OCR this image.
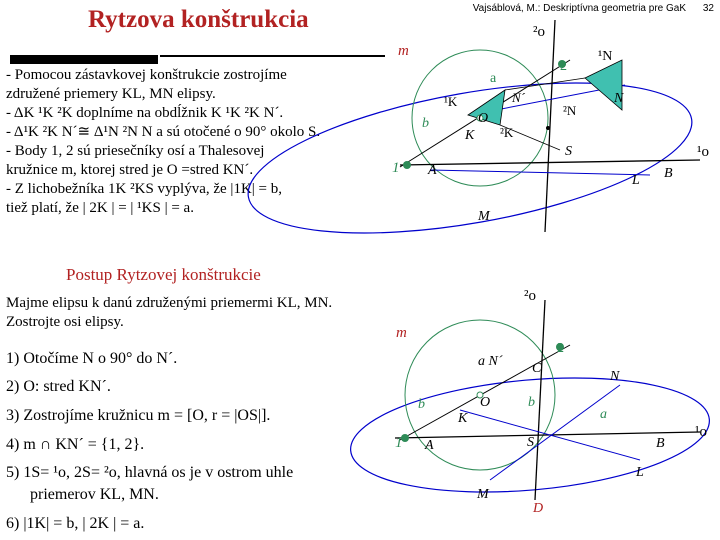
Rytzova konštrukcia	Vajsáblová, M.: Deskriptívna geometria pre GaK 32
- Pomocou zástavkovej konštrukcie zostrojíme
združené priemery KL, MN elipsy.
- ΔK ¹K ²K doplníme na obdĺžnik K ¹K ²K N´.
- Δ¹K ²K N´≅ Δ¹N ²N N a sú otočené o 90° okolo S.
- Body 1, 2 sú priesečníky osí a Thalesovej
kružnice m, ktorej stred je O =stred KN´.
- Z lichobežníka 1K ²KS vyplýva, že |1K| = b,
tiež platí, že | 2K | = | ¹KS | = a.
Postup Rytzovej konštrukcie
Majme elipsu k danú združenými priemermi KL, MN.
Zostrojte osi elipsy.
1) Otočíme N o 90° do N´.
2) O: stred KN´.
3) Zostrojíme kružnicu m = [O, r = |OS|].
4) m ∩ KN´ = {1, 2}.
5) 1S= ¹o, 2S= ²o, hlavná os je v ostrom uhle
priemerov KL, MN.
6) |1K| = b, | 2K | = a.
²o
m	¹N
2
a
¹K	N´	N
O
²N
b
K ²K
S	¹o
1 A
L B
M
²o
m
a N´
2
C
N
b	O	b
K	a
¹o
1 A	S	B
L
M
D
